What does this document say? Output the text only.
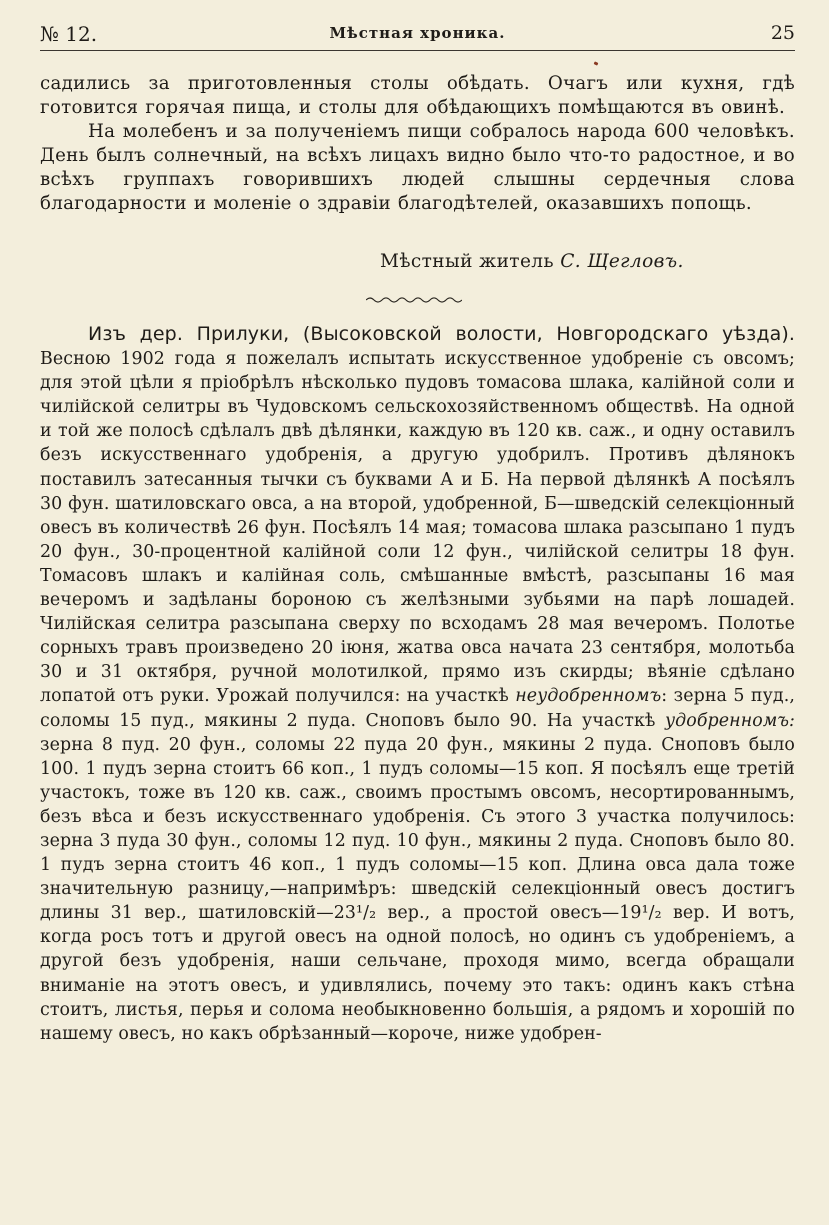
№ 12.	Мѣстная хроника.	25

садились за приготовленныя столы обѣдать. Очагъ или кухня, гдѣ готовится горячая пища, и столы для обѣдающихъ помѣщаются въ овинѣ.

На молебенъ и за полученіемъ пищи собралось народа 600 человѣкъ. День былъ солнечный, на всѣхъ лицахъ видно было что-то радостное, и во всѣхъ группахъ говорившихъ людей слышны сердечныя слова благодарности и моленіе о здравіи благодѣтелей, оказавшихъ попощь.

Мѣстный житель С. Щегловъ.

Изъ дер. Прилуки, (Высоковской волости, Новгородскаго уѣзда).Весною 1902 года я пожелалъ испытать искусственное удобреніе съ овсомъ; для этой цѣли я пріобрѣлъ нѣсколько пудовъ томасова шлака, калійной соли и чилійской селитры въ Чудовскомъ сельскохозяйственномъ обществѣ. На одной и той же полосѣ сдѣлалъ двѣ дѣлянки, каждую въ 120 кв. саж., и одну оставилъ безъ искусственнаго удобренія, а другую удобрилъ. Противъ дѣлянокъ поставилъ затесанныя тычки съ буквами А и Б. На первой дѣлянкѣ А посѣялъ 30 фун. шатиловскаго овса, а на второй, удобренной, Б—шведскій селекціонный овесъ въ количествѣ 26 фун. Посѣялъ 14 мая; томасова шлака разсыпано 1 пудъ 20 фун., 30-процентной калійной соли 12 фун., чилійской селитры 18 фун. Томасовъ шлакъ и калійная соль, смѣшанные вмѣстѣ, разсыпаны 16 мая вечеромъ и задѣланы бороною съ желѣзными зубьями на парѣ лошадей. Чилійская селитра разсыпана сверху по всходамъ 28 мая вечеромъ. Полотье сорныхъ травъ произведено 20 іюня, жатва овса начата 23 сентября, молотьба 30 и 31 октября, ручной молотилкой, прямо изъ скирды; вѣяніе сдѣлано лопатой отъ руки. Урожай получился: на участкѣ неудобренномъ: зерна 5 пуд., соломы 15 пуд., мякины 2 пуда. Сноповъ было 90. На участкѣ удобренномъ: зерна 8 пуд. 20 фун., соломы 22 пуда 20 фун., мякины 2 пуда. Сноповъ было 100. 1 пудъ зерна стоитъ 66 коп., 1 пудъ соломы—15 коп. Я посѣялъ еще третій участокъ, тоже въ 120 кв. саж., своимъ простымъ овсомъ, несортированнымъ, безъ вѣса и безъ искусственнаго удобренія. Съ этого 3 участка получилось: зерна 3 пуда 30 фун., соломы 12 пуд. 10 фун., мякины 2 пуда. Сноповъ было 80. 1 пудъ зерна стоитъ 46 коп., 1 пудъ соломы—15 коп. Длина овса дала тоже значительную разницу,—напримѣръ: шведскій селекціонный овесъ достигъ длины 31 вер., шатиловскій—23¹/₂ вер., а простой овесъ—19¹/₂ вер. И вотъ, когда росъ тотъ и другой овесъ на одной полосѣ, но одинъ съ удобреніемъ, а другой безъ удобренія, наши сельчане, проходя мимо, всегда обращали вниманіе на этотъ овесъ, и удивлялись, почему это такъ: одинъ какъ стѣна стоитъ, листья, перья и солома необыкновенно большія, а рядомъ и хорошій по нашему овесъ, но какъ обрѣзанный—короче, ниже удобрен-
